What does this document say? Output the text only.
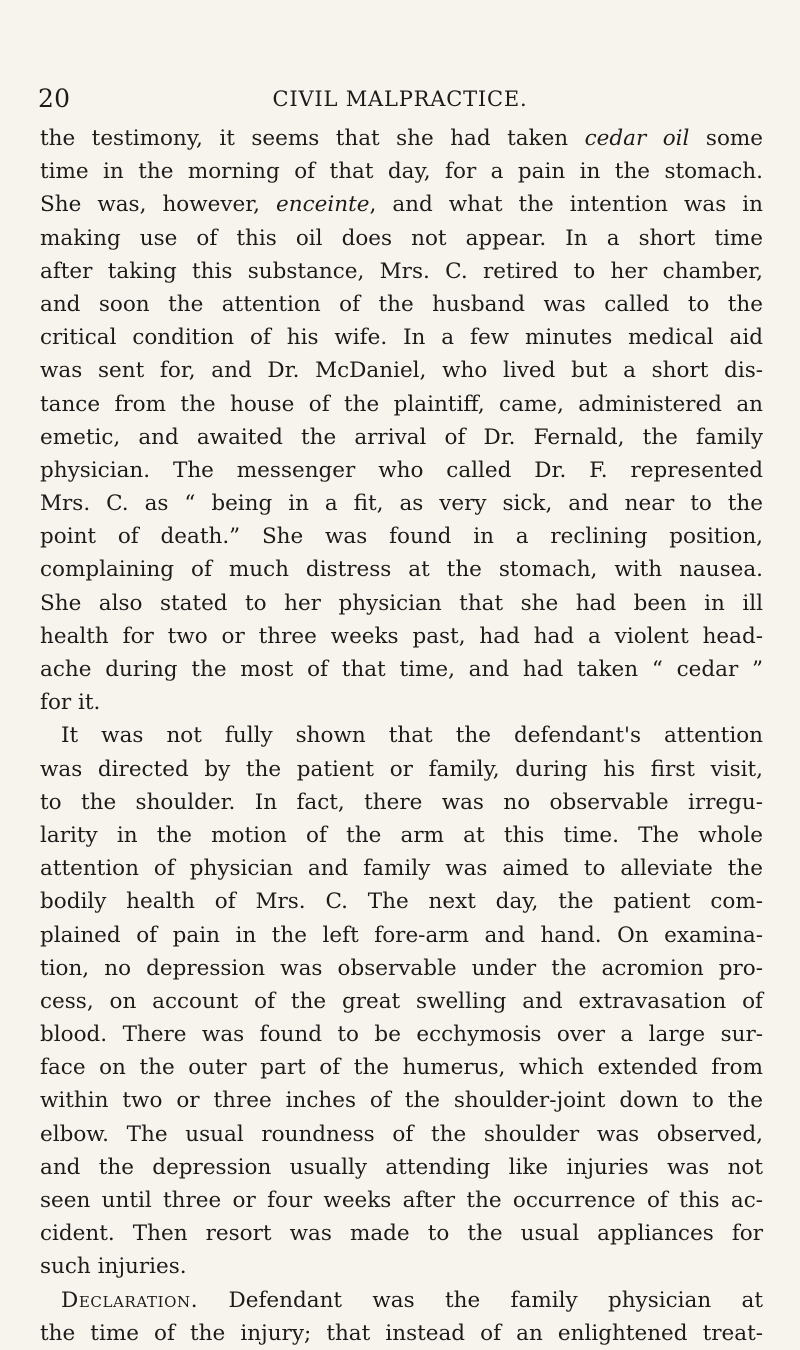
20	CIVIL MALPRACTICE.
the testimony, it seems that she had taken cedar oil some
time in the morning of that day, for a pain in the stomach.
She was, however, enceinte, and what the intention was in
making use of this oil does not appear. In a short time
after taking this substance, Mrs. C. retired to her chamber,
and soon the attention of the husband was called to the
critical condition of his wife. In a few minutes medical aid
was sent for, and Dr. McDaniel, who lived but a short dis-
tance from the house of the plaintiff, came, administered an
emetic, and awaited the arrival of Dr. Fernald, the family
physician. The messenger who called Dr. F. represented
Mrs. C. as “ being in a fit, as very sick, and near to the
point of death.” She was found in a reclining position,
complaining of much distress at the stomach, with nausea.
She also stated to her physician that she had been in ill
health for two or three weeks past, had had a violent head-
ache during the most of that time, and had taken “ cedar ”
for it.
It was not fully shown that the defendant's attention
was directed by the patient or family, during his first visit,
to the shoulder. In fact, there was no observable irregu-
larity in the motion of the arm at this time. The whole
attention of physician and family was aimed to alleviate the
bodily health of Mrs. C. The next day, the patient com-
plained of pain in the left fore-arm and hand. On examina-
tion, no depression was observable under the acromion pro-
cess, on account of the great swelling and extravasation of
blood. There was found to be ecchymosis over a large sur-
face on the outer part of the humerus, which extended from
within two or three inches of the shoulder-joint down to the
elbow. The usual roundness of the shoulder was observed,
and the depression usually attending like injuries was not
seen until three or four weeks after the occurrence of this ac-
cident. Then resort was made to the usual appliances for
such injuries.
Declaration. Defendant was the family physician at
the time of the injury; that instead of an enlightened treat-
